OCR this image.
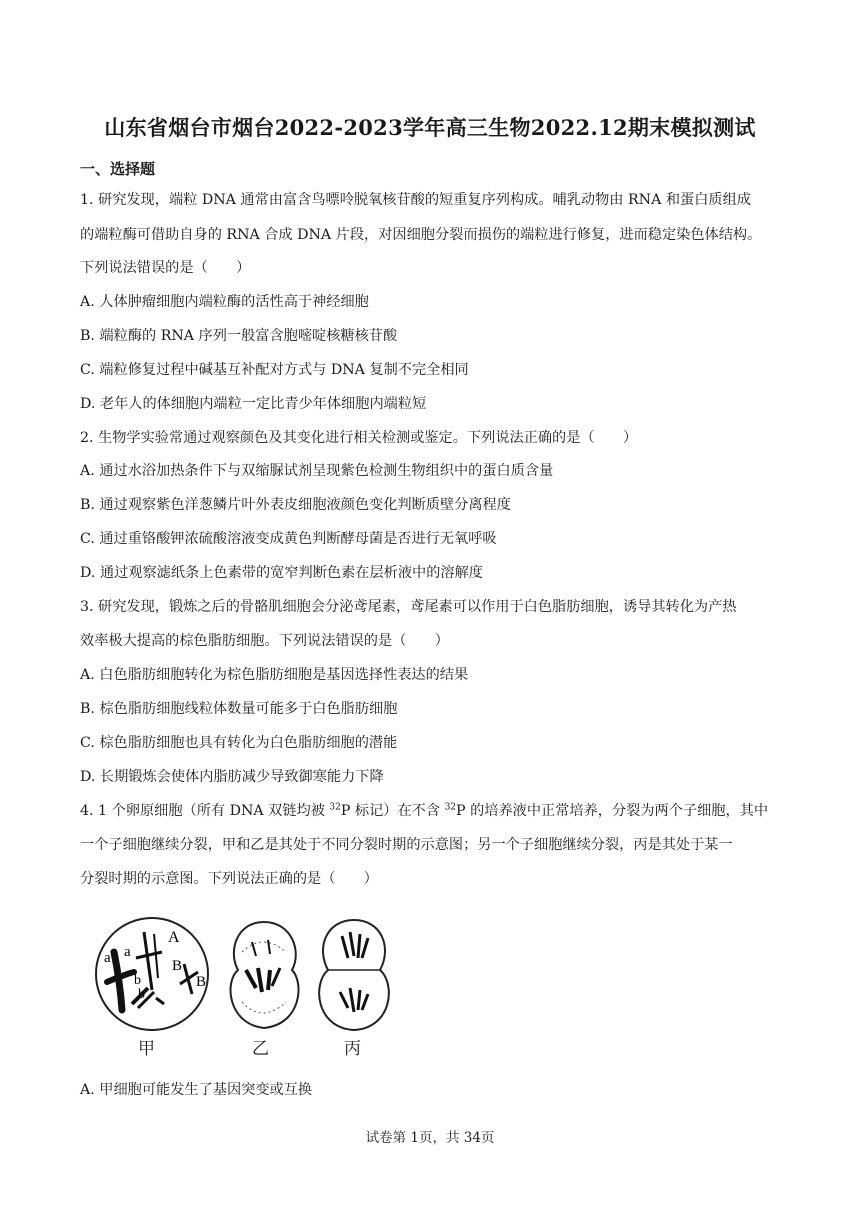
山东省烟台市烟台2022-2023学年高三生物2022.12期末模拟测试
一、选择题
1. 研究发现，端粒 DNA 通常由富含鸟嘌呤脱氧核苷酸的短重复序列构成。哺乳动物由 RNA 和蛋白质组成
的端粒酶可借助自身的 RNA 合成 DNA 片段，对因细胞分裂而损伤的端粒进行修复，进而稳定染色体结构。
下列说法错误的是（　　）
A. 人体肿瘤细胞内端粒酶的活性高于神经细胞
B. 端粒酶的 RNA 序列一般富含胞嘧啶核糖核苷酸
C. 端粒修复过程中碱基互补配对方式与 DNA 复制不完全相同
D. 老年人的体细胞内端粒一定比青少年体细胞内端粒短
2. 生物学实验常通过观察颜色及其变化进行相关检测或鉴定。下列说法正确的是（　　）
A. 通过水浴加热条件下与双缩脲试剂呈现紫色检测生物组织中的蛋白质含量
B. 通过观察紫色洋葱鳞片叶外表皮细胞液颜色变化判断质壁分离程度
C. 通过重铬酸钾浓硫酸溶液变成黄色判断酵母菌是否进行无氧呼吸
D. 通过观察滤纸条上色素带的宽窄判断色素在层析液中的溶解度
3. 研究发现，锻炼之后的骨骼肌细胞会分泌鸢尾素，鸢尾素可以作用于白色脂肪细胞，诱导其转化为产热
效率极大提高的棕色脂肪细胞。下列说法错误的是（　　）
A. 白色脂肪细胞转化为棕色脂肪细胞是基因选择性表达的结果
B. 棕色脂肪细胞线粒体数量可能多于白色脂肪细胞
C. 棕色脂肪细胞也具有转化为白色脂肪细胞的潜能
D. 长期锻炼会使体内脂肪减少导致御寒能力下降
4. 1 个卵原细胞（所有 DNA 双链均被 $^{32}$P 标记）在不含 $^{32}$P 的培养液中正常培养，分裂为两个子细胞，其中
一个子细胞继续分裂，甲和乙是其处于不同分裂时期的示意图；另一个子细胞继续分裂，丙是其处于某一
分裂时期的示意图。下列说法正确的是（　　）
a a
A
B
b
b
B
甲	乙	丙
A. 甲细胞可能发生了基因突变或互换
试卷第 1页，共 34页
